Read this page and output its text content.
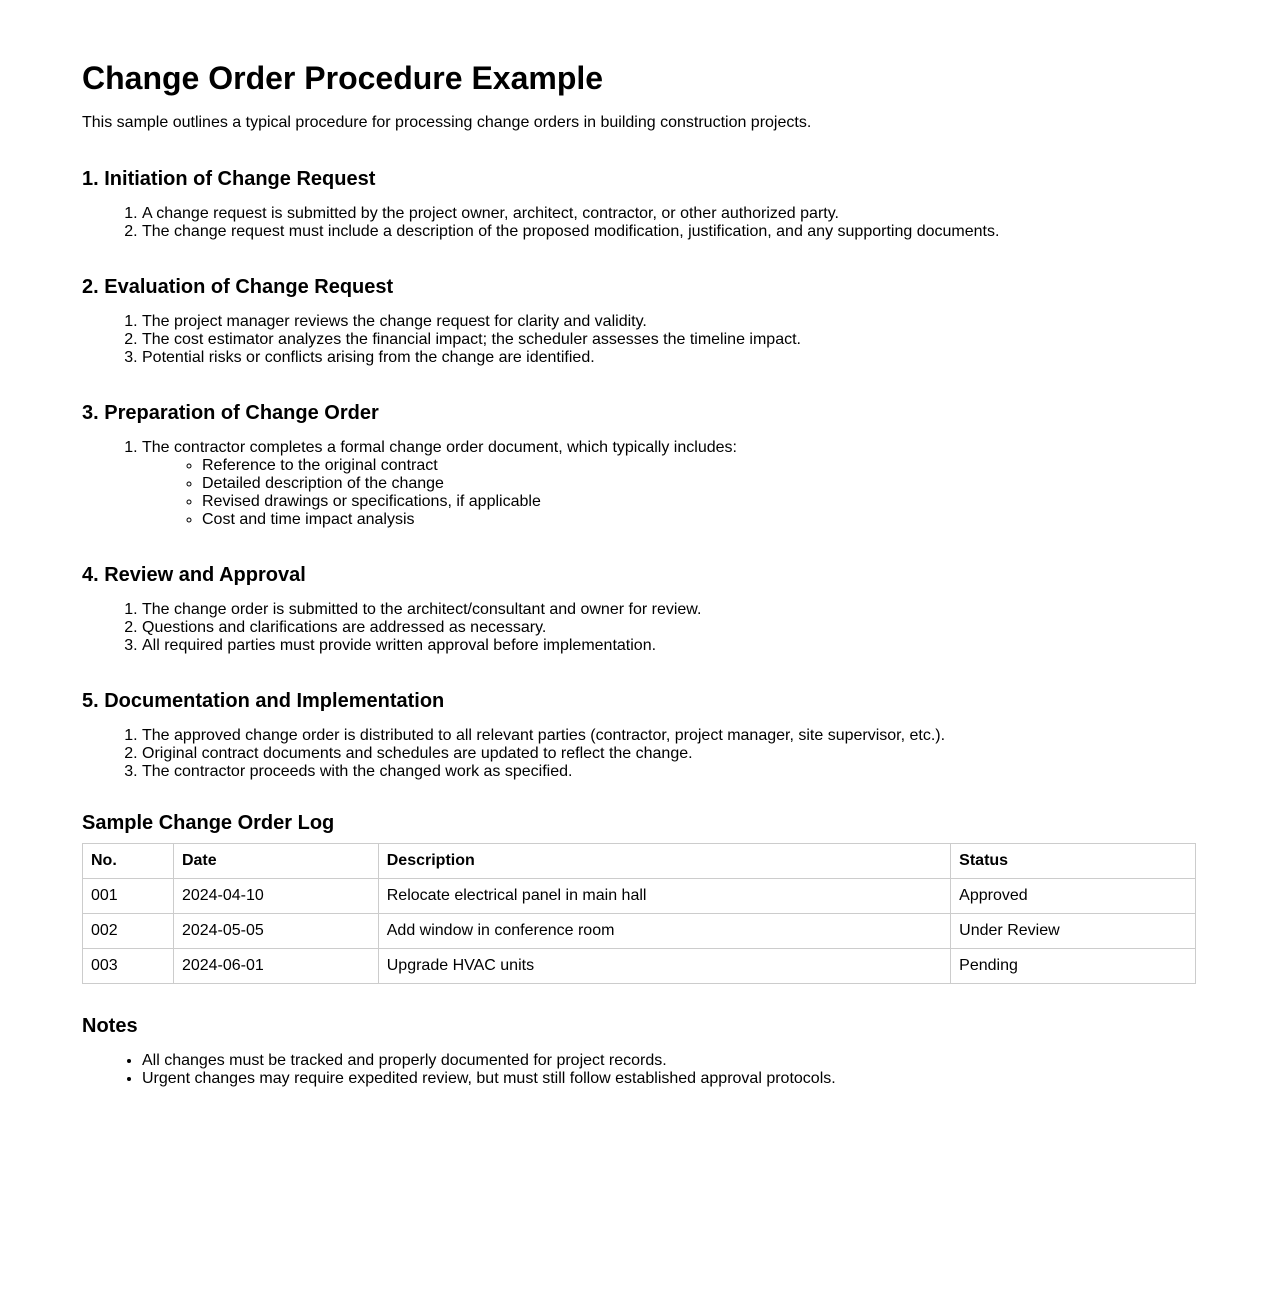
Change Order Procedure Example

This sample outlines a typical procedure for processing change orders in building construction projects.

1. Initiation of Change Request
1. A change request is submitted by the project owner, architect, contractor, or other authorized party.
2. The change request must include a description of the proposed modification, justification, and any supporting documents.
2. Evaluation of Change Request
1. The project manager reviews the change request for clarity and validity.
2. The cost estimator analyzes the financial impact; the scheduler assesses the timeline impact.
3. Potential risks or conflicts arising from the change are identified.
3. Preparation of Change Order
1. The contractor completes a formal change order document, which typically includes:
◦ Reference to the original contract
◦ Detailed description of the change
◦ Revised drawings or specifications, if applicable
◦ Cost and time impact analysis
4. Review and Approval
1. The change order is submitted to the architect/consultant and owner for review.
2. Questions and clarifications are addressed as necessary.
3. All required parties must provide written approval before implementation.
5. Documentation and Implementation
1. The approved change order is distributed to all relevant parties (contractor, project manager, site supervisor, etc.).
2. Original contract documents and schedules are updated to reflect the change.
3. The contractor proceeds with the changed work as specified.
Sample Change Order Log
No.	Date	Description	Status
001	2024-04-10	Relocate electrical panel in main hall	Approved
002	2024-05-05	Add window in conference room	Under Review
003	2024-06-01	Upgrade HVAC units	Pending
Notes
• All changes must be tracked and properly documented for project records.
• Urgent changes may require expedited review, but must still follow established approval protocols.
